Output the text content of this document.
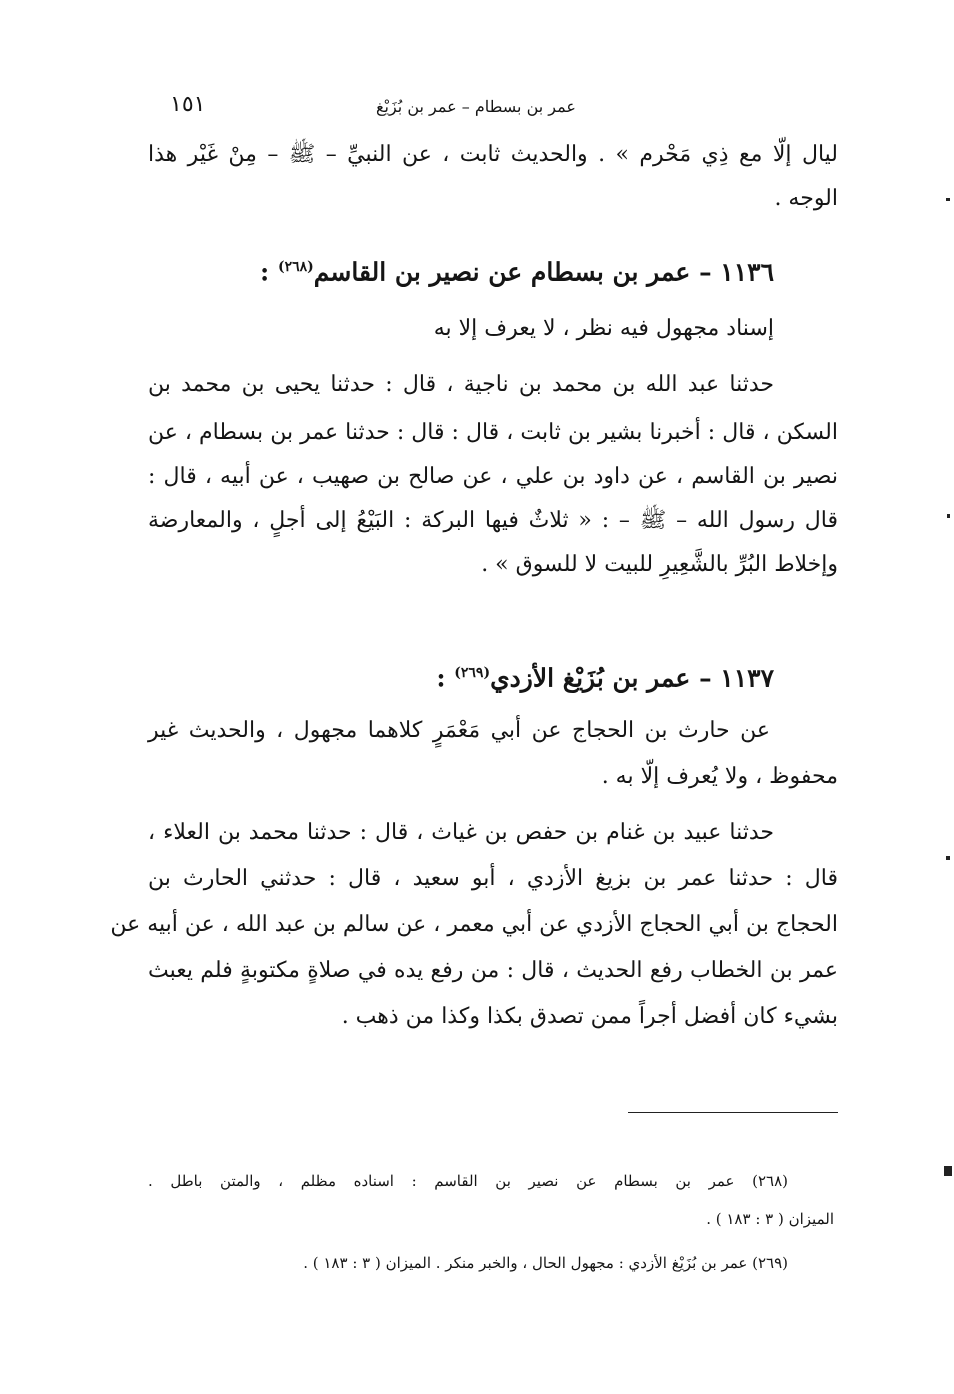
١٥١	عمر بن بسطام – عمر بن بُزَيْغ
ليال إلّا مع ذِي مَحْرم » . والحديث ثابت ، عن النبيِّ – ﷺ – مِنْ غَيْر هذا
الوجه .
١١٣٦ – عمر بن بسطام عن نصير بن القاسم$^{(٢٦٨)}$ :
إسناد مجهول فيه نظر ، لا يعرف إلا به
حدثنا عبد الله بن محمد بن ناجية ، قال : حدثنا يحيى بن محمد بن
السكن ، قال : أخبرنا بشير بن ثابت ، قال : قال : حدثنا عمر بن بسطام ، عن
نصير بن القاسم ، عن داود بن علي ، عن صالح بن صهيب ، عن أبيه ، قال :
قال رسول الله – ﷺ – : « ثلاثٌ فيها البركة : البَيْعُ إلى أجلٍ ، والمعارضة
وإخلاط البُرِّ بالشَّعِيرِ للبيت لا للسوق » .
١١٣٧ – عمر بن بُزَيْغ الأزدي$^{(٢٦٩)}$ :
عن حارث بن الحجاج عن أبي مَعْمَرٍ كلاهما مجهول ، والحديث غير
محفوظ ، ولا يُعرف إلّا به .
حدثنا عبيد بن غنام بن حفص بن غياث ، قال : حدثنا محمد بن العلاء ،
قال : حدثنا عمر بن بزيغ الأزدي ، أبو سعيد ، قال : حدثني الحارث بن
الحجاج بن أبي الحجاج الأزدي عن أبي معمر ، عن سالم بن عبد الله ، عن أبيه عن
عمر بن الخطاب رفع الحديث ، قال : من رفع يده في صلاةٍ مكتوبةٍ فلم يعبث
بشيء كان أفضل أجراً ممن تصدق بكذا وكذا من ذهب .
(٢٦٨) عمر بن بسطام عن نصير بن القاسم : اسناده مظلم ، والمتن باطل .
الميزان ( ٣ : ١٨٣ ) .
(٢٦٩) عمر بن بُزَيْغ الأزدي : مجهول الحال ، والخبر منكر . الميزان ( ٣ : ١٨٣ ) .
